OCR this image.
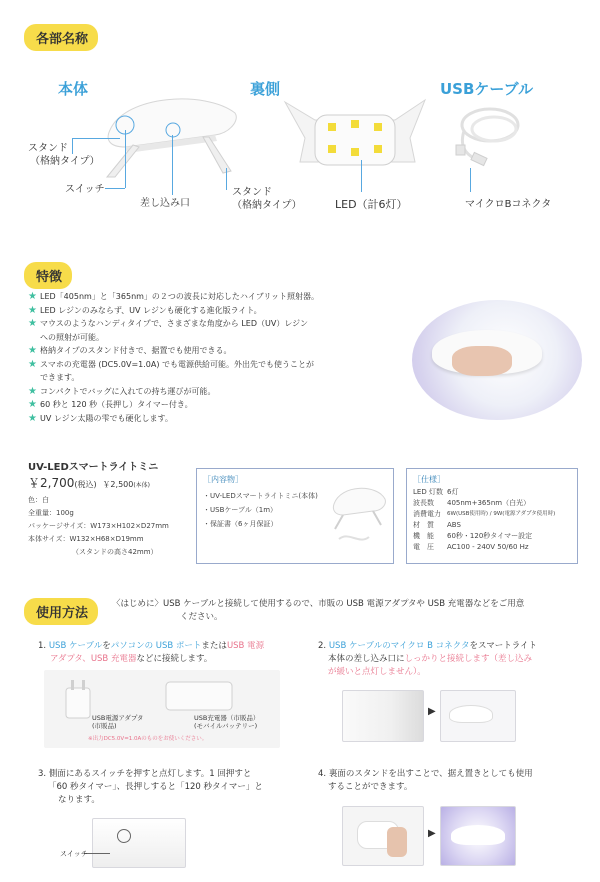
各部名称
本体	裏側	USBケーブル
スタンド
（格納タイプ）
スイッチ
差し込み口
スタンド
（格納タイプ）	LED（計6灯）	マイクロBコネクタ
特徴
★ LED「405nm」と「365nm」の２つの波長に対応したハイブリット照射器。
★ LED レジンのみならず、UV レジンも硬化する進化版ライト。
★ マウスのようなハンディタイプで、さまざまな角度から LED（UV）レジン
への照射が可能。
★ 格納タイプのスタンド付きで、据置でも使用できる。
★ スマホの充電器 (DC5.0V=1.0A) でも電源供給可能。外出先でも使うことが
できます。
★ コンパクトでバッグに入れての持ち運びが可能。
★ 60 秒と 120 秒（長押し）タイマー付き。
★ UV レジン太陽の雫でも硬化します。
UV-LEDスマートライトミニ
￥2,700(税込) ￥2,500(本体)
色：白
全重量：100g
パッケージサイズ：W173×H102×D27mm
本体サイズ：W132×H68×D19mm
（スタンドの高さ42mm）
［内容物］
・UV-LEDスマートライトミニ(本体)
・USBケーブル（1m）
・保証書（6ヶ月保証）
［仕様］
LED 灯数 6灯
波長数	405nm+365nm（白光）
消費電力	6W(USB使用時) / 9W(電源アダプタ使用時)
材　質	ABS
機　能	60秒・120秒タイマー設定
電　圧	AC100 - 240V 50/60 Hz
使用方法
〈はじめに〉USB ケーブルと接続して使用するので、市販の USB 電源アダプタや USB 充電器などをご用意
ください。
1. USB ケーブルをパソコンの USB ポートまたはUSB 電源
アダプタ、USB 充電器などに接続します。
USB電源アダプタ
(市販品)
USB充電器（市販品）
(モバイルバッテリー)
※出力DC5.0V=1.0Aのものをお使いください。
2. USB ケーブルのマイクロ B コネクタをスマートライト
本体の差し込み口にしっかりと接続します（差し込み
が緩いと点灯しません）。
▶
3. 側面にあるスイッチを押すと点灯します。1 回押すと
「60 秒タイマー」、長押しすると「120 秒タイマー」と
なります。
スイッチ
4. 裏面のスタンドを出すことで、据え置きとしても使用
することができます。
▶
